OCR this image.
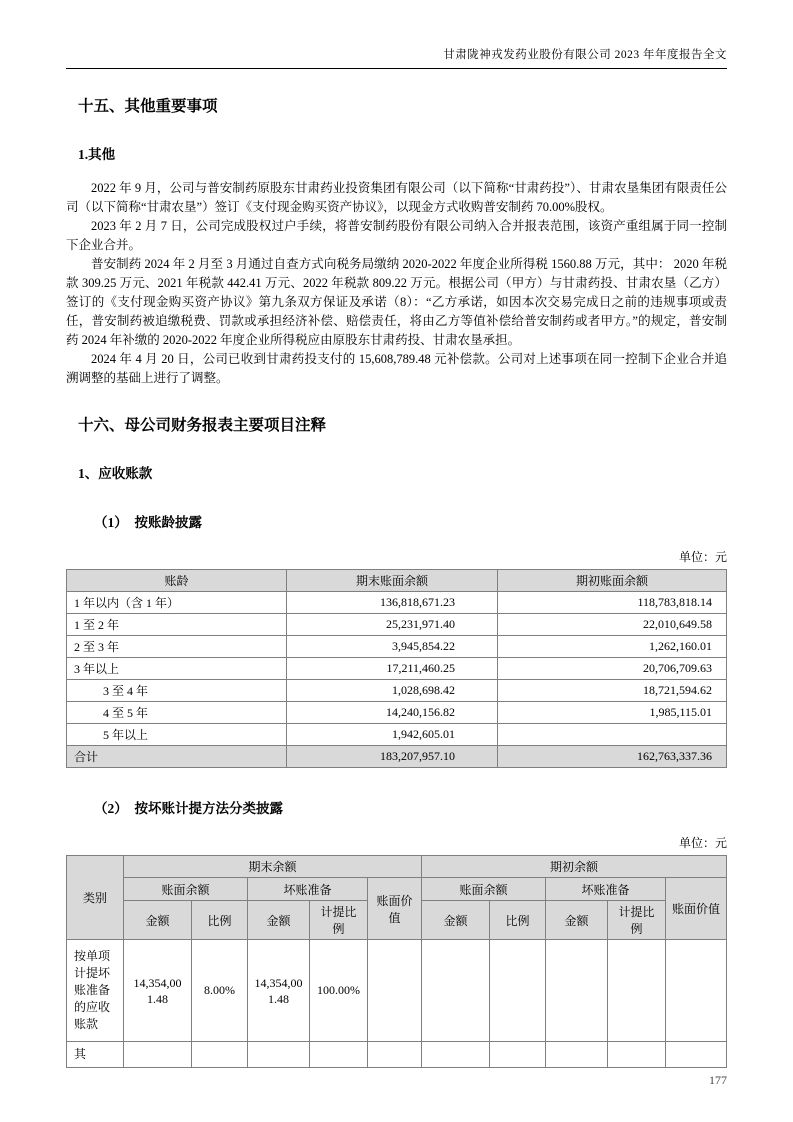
甘肃陇神戎发药业股份有限公司 2023 年年度报告全文
十五、其他重要事项
1.其他

2022 年 9 月，公司与普安制药原股东甘肃药业投资集团有限公司（以下简称“甘肃药投”）、甘肃农垦集团有限责任公司（以下简称“甘肃农垦”）签订《支付现金购买资产协议》，以现金方式收购普安制药 70.00%股权。

2023 年 2 月 7 日，公司完成股权过户手续，将普安制药股份有限公司纳入合并报表范围，该资产重组属于同一控制下企业合并。

普安制药 2024 年 2 月至 3 月通过自查方式向税务局缴纳 2020-2022 年度企业所得税 1560.88 万元，其中： 2020 年税款 309.25 万元、2021 年税款 442.41 万元、2022 年税款 809.22 万元。根据公司（甲方）与甘肃药投、甘肃农垦（乙方）签订的《支付现金购买资产协议》第九条双方保证及承诺（8）：“乙方承诺，如因本次交易完成日之前的违规事项或责任，普安制药被追缴税费、罚款或承担经济补偿、赔偿责任，将由乙方等值补偿给普安制药或者甲方。”的规定，普安制药 2024 年补缴的 2020-2022 年度企业所得税应由原股东甘肃药投、甘肃农垦承担。

2024 年 4 月 20 日，公司已收到甘肃药投支付的 15,608,789.48 元补偿款。公司对上述事项在同一控制下企业合并追溯调整的基础上进行了调整。

十六、母公司财务报表主要项目注释
1、应收账款
（1）　按账龄披露
单位：元
账龄	期末账面余额	期初账面余额
1 年以内（含 1 年）	136,818,671.23	118,783,818.14
1 至 2 年	25,231,971.40	22,010,649.58
2 至 3 年	3,945,854.22	1,262,160.01
3 年以上	17,211,460.25	20,706,709.63
3 至 4 年	1,028,698.42	18,721,594.62
4 至 5 年	14,240,156.82	1,985,115.01
5 年以上	1,942,605.01	
合计	183,207,957.10	162,763,337.36
（2）　按坏账计提方法分类披露
单位：元
类别	期末余额					期初余额				
	账面余额		坏账准备		账面价值	账面余额		坏账准备		账面价值
	金额	比例	金额	计提比例		金额	比例	金额	计提比例	
按单项计提坏账准备的应收账款	14,354,001.48	8.00%	14,354,001.48	100.00%						
其										
177
